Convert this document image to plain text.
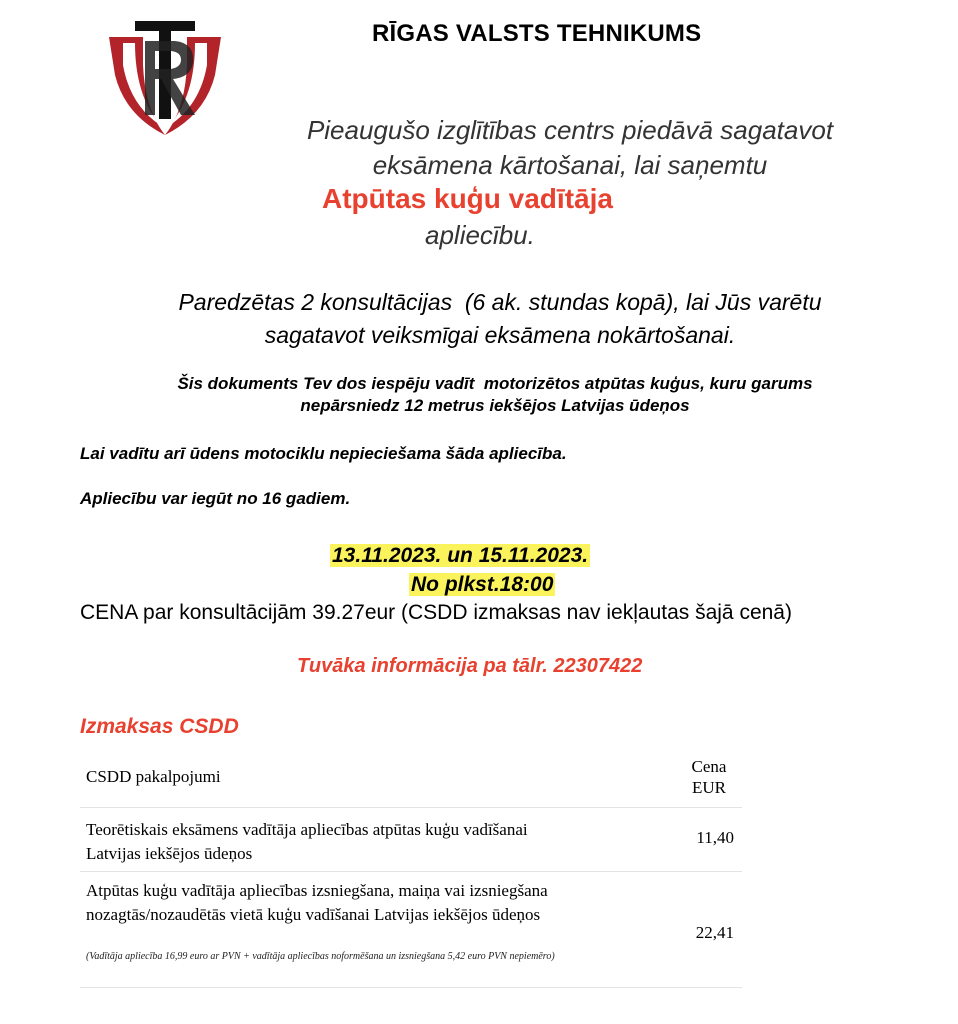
RĪGAS VALSTS TEHNIKUMS
Pieaugušo izglītības centrs piedāvā sagatavot
eksāmena kārtošanai, lai saņemtu
Atpūtas kuģu vadītāja
apliecību.
Paredzētas 2 konsultācijas  (6 ak. stundas kopā), lai Jūs varētu
sagatavot veiksmīgai eksāmena nokārtošanai.
Šis dokuments Tev dos iespēju vadīt  motorizētos atpūtas kuģus, kuru garums
nepārsniedz 12 metrus iekšējos Latvijas ūdeņos
Lai vadītu arī ūdens motociklu nepieciešama šāda apliecība.
Apliecību var iegūt no 16 gadiem.
13.11.2023. un 15.11.2023.
No plkst.18:00
CENA par konsultācijām 39.27eur (CSDD izmaksas nav iekļautas šajā cenā)
Tuvāka informācija pa tālr. 22307422
Izmaksas CSDD
CSDD pakalpojumi
Cena
EUR
Teorētiskais eksāmens vadītāja apliecības atpūtas kuģu vadīšanai
Latvijas iekšējos ūdeņos
11,40
Atpūtas kuģu vadītāja apliecības izsniegšana, maiņa vai izsniegšana
nozagtās/nozaudētās vietā kuģu vadīšanai Latvijas iekšējos ūdeņos
(Vadītāja apliecība 16,99 euro ar PVN + vadītāja apliecības noformēšana un izsniegšana 5,42 euro PVN nepiemēro)
22,41
